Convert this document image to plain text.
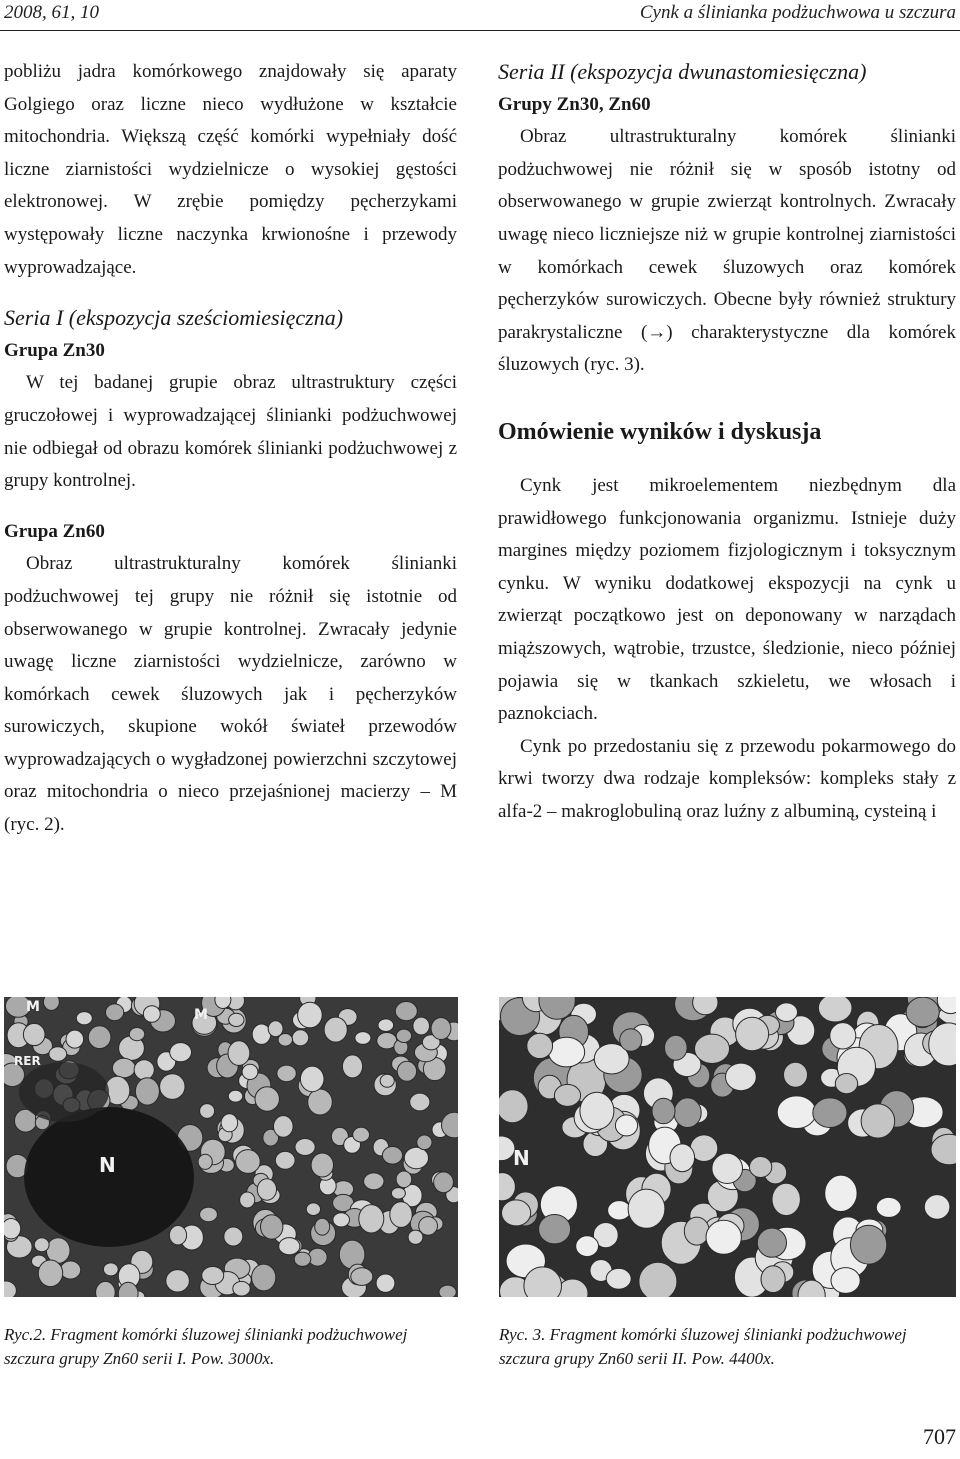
2008, 61, 10	Cynk a ślinianka podżuchwowa u szczura

pobliżu jadra komórkowego znajdowały się aparaty Golgiego oraz liczne nieco wydłużone w kształcie mitochondria. Większą część komórki wypełniały dość liczne ziarnistości wydzielnicze o wysokiej gęstości elektronowej. W zrębie pomiędzy pęcherzykami występowały liczne naczynka krwionośne i przewody wyprowadzające.

Seria I (ekspozycja sześciomiesięczna)

Grupa Zn30

W tej badanej grupie obraz ultrastruktury części gruczołowej i wyprowadzającej ślinianki podżuchwowej nie odbiegał od obrazu komórek ślinianki podżuchwowej z grupy kontrolnej.

Grupa Zn60

Obraz ultrastrukturalny komórek ślinianki podżuchwowej tej grupy nie różnił się istotnie od obserwowanego w grupie kontrolnej. Zwracały jedynie uwagę liczne ziarnistości wydzielnicze, zarówno w komórkach cewek śluzowych jak i pęcherzyków surowiczych, skupione wokół świateł przewodów wyprowadzających o wygładzonej powierzchni szczytowej oraz mitochondria o nieco przejaśnionej macierzy – M (ryc. 2).

Seria II (ekspozycja dwunastomiesięczna)

Grupy Zn30, Zn60

Obraz ultrastrukturalny komórek ślinianki podżuchwowej nie różnił się w sposób istotny od obserwowanego w grupie zwierząt kontrolnych. Zwracały uwagę nieco liczniejsze niż w grupie kontrolnej ziarnistości w komórkach cewek śluzowych oraz komórek pęcherzyków surowiczych. Obecne były również struktury parakrystaliczne (→) charakterystyczne dla komórek śluzowych (ryc. 3).

Omówienie wyników i dyskusja

Cynk jest mikroelementem niezbędnym dla prawidłowego funkcjonowania organizmu. Istnieje duży margines między poziomem fizjologicznym i toksycznym cynku. W wyniku dodatkowej ekspozycji na cynk u zwierząt początkowo jest on deponowany w narządach miąższowych, wątrobie, trzustce, śledzionie, nieco później pojawia się w tkankach szkieletu, we włosach i paznokciach.

Cynk po przedostaniu się z przewodu pokarmowego do krwi tworzy dwa rodzaje kompleksów: kompleks stały z alfa-2 – makroglobuliną oraz luźny z albuminą, cysteiną i

M	M
RER
N	N

Ryc.2. Fragment komórki śluzowej ślinianki podżuchwowej szczura grupy Zn60 serii I. Pow. 3000x.

Ryc. 3. Fragment komórki śluzowej ślinianki podżuchwowej szczura grupy Zn60 serii II. Pow. 4400x.

707
